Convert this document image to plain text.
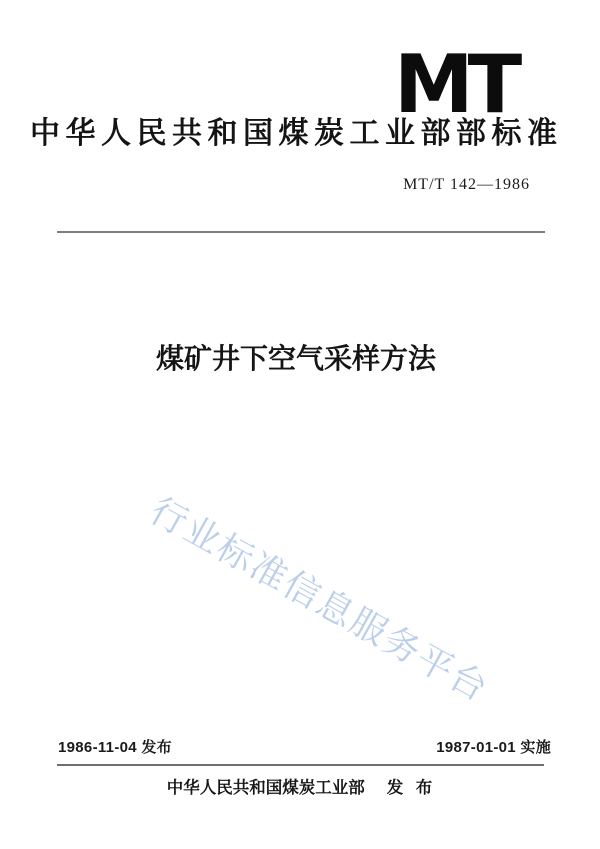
MT
中华人民共和国煤炭工业部部标准
MT/T 142—1986
煤矿井下空气采样方法
行业标准信息服务平台
1986-11-04 发布	1987-01-01 实施
中华人民共和国煤炭工业部 发 布
